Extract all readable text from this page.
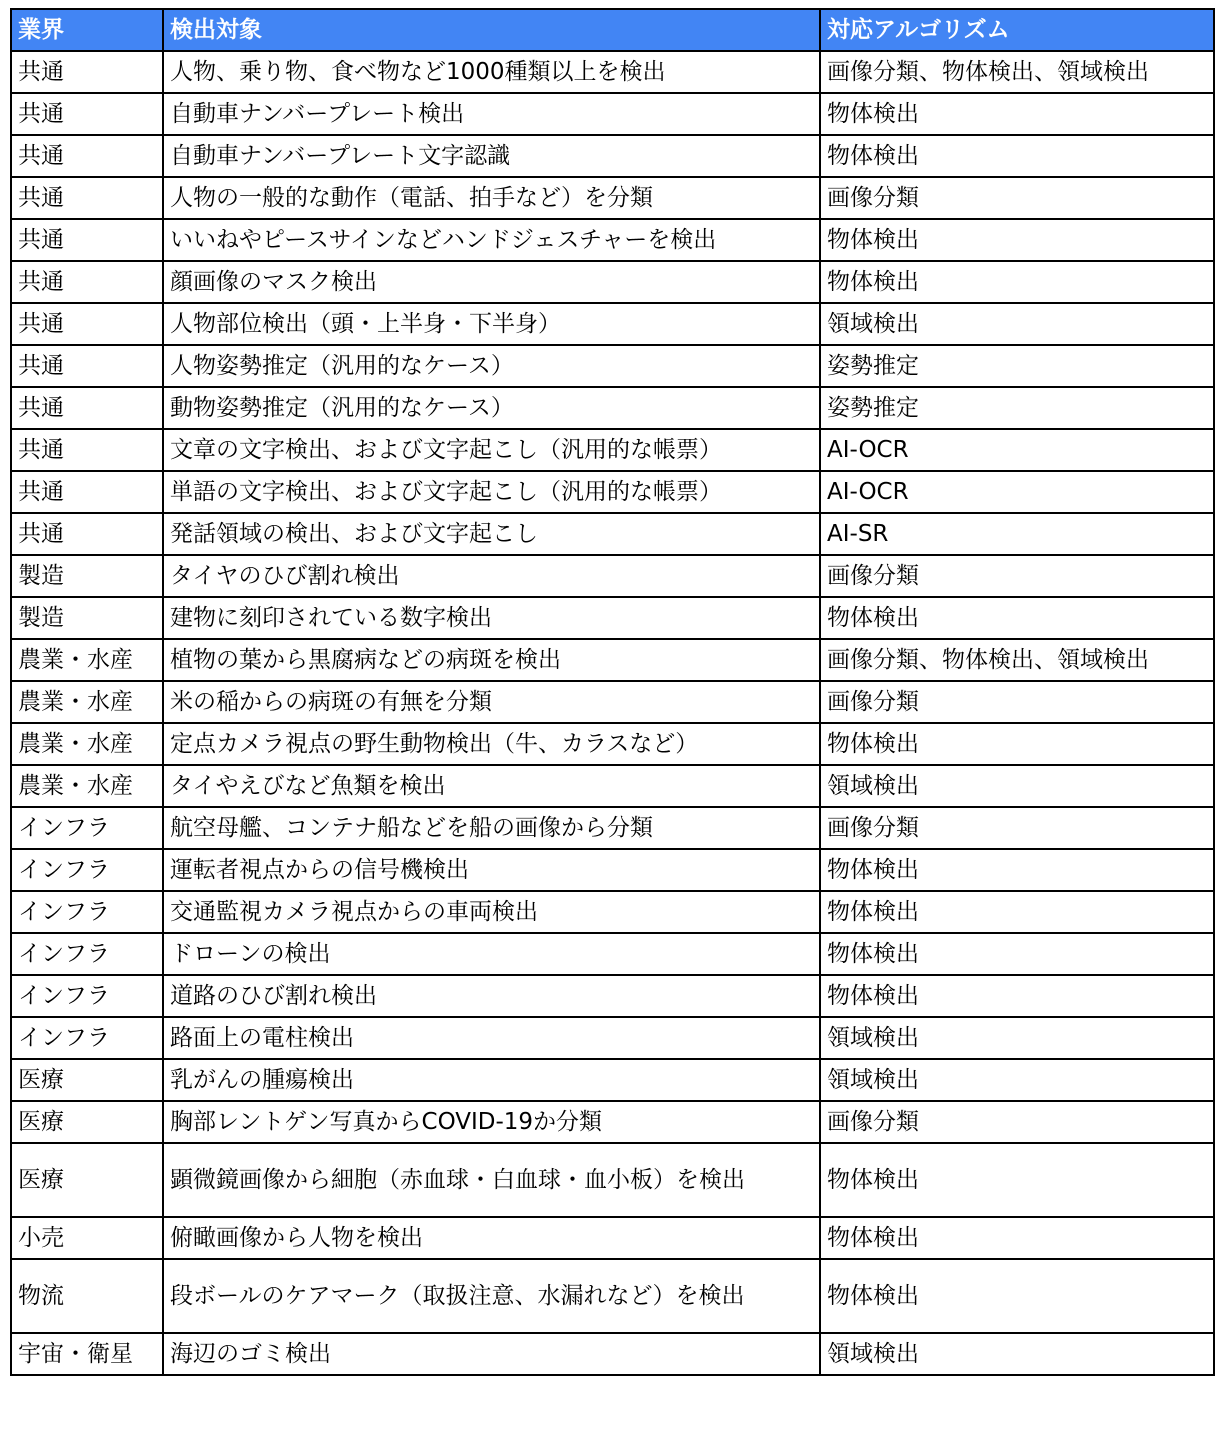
業界	検出対象	対応アルゴリズム
共通	人物、乗り物、食べ物など1000種類以上を検出	画像分類、物体検出、領域検出
共通	自動車ナンバープレート検出	物体検出
共通	自動車ナンバープレート文字認識	物体検出
共通	人物の一般的な動作（電話、拍手など）を分類	画像分類
共通	いいねやピースサインなどハンドジェスチャーを検出	物体検出
共通	顔画像のマスク検出	物体検出
共通	人物部位検出（頭・上半身・下半身）	領域検出
共通	人物姿勢推定（汎用的なケース）	姿勢推定
共通	動物姿勢推定（汎用的なケース）	姿勢推定
共通	文章の文字検出、および文字起こし（汎用的な帳票）	AI-OCR
共通	単語の文字検出、および文字起こし（汎用的な帳票）	AI-OCR
共通	発話領域の検出、および文字起こし	AI-SR
製造	タイヤのひび割れ検出	画像分類
製造	建物に刻印されている数字検出	物体検出
農業・水産	植物の葉から黒腐病などの病斑を検出	画像分類、物体検出、領域検出
農業・水産	米の稲からの病斑の有無を分類	画像分類
農業・水産	定点カメラ視点の野生動物検出（牛、カラスなど）	物体検出
農業・水産	タイやえびなど魚類を検出	領域検出
インフラ	航空母艦、コンテナ船などを船の画像から分類	画像分類
インフラ	運転者視点からの信号機検出	物体検出
インフラ	交通監視カメラ視点からの車両検出	物体検出
インフラ	ドローンの検出	物体検出
インフラ	道路のひび割れ検出	物体検出
インフラ	路面上の電柱検出	領域検出
医療	乳がんの腫瘍検出	領域検出
医療	胸部レントゲン写真からCOVID-19か分類	画像分類
医療	顕微鏡画像から細胞（赤血球・白血球・血小板）を検出	物体検出
小売	俯瞰画像から人物を検出	物体検出
物流	段ボールのケアマーク（取扱注意、水漏れなど）を検出	物体検出
宇宙・衛星	海辺のゴミ検出	領域検出
